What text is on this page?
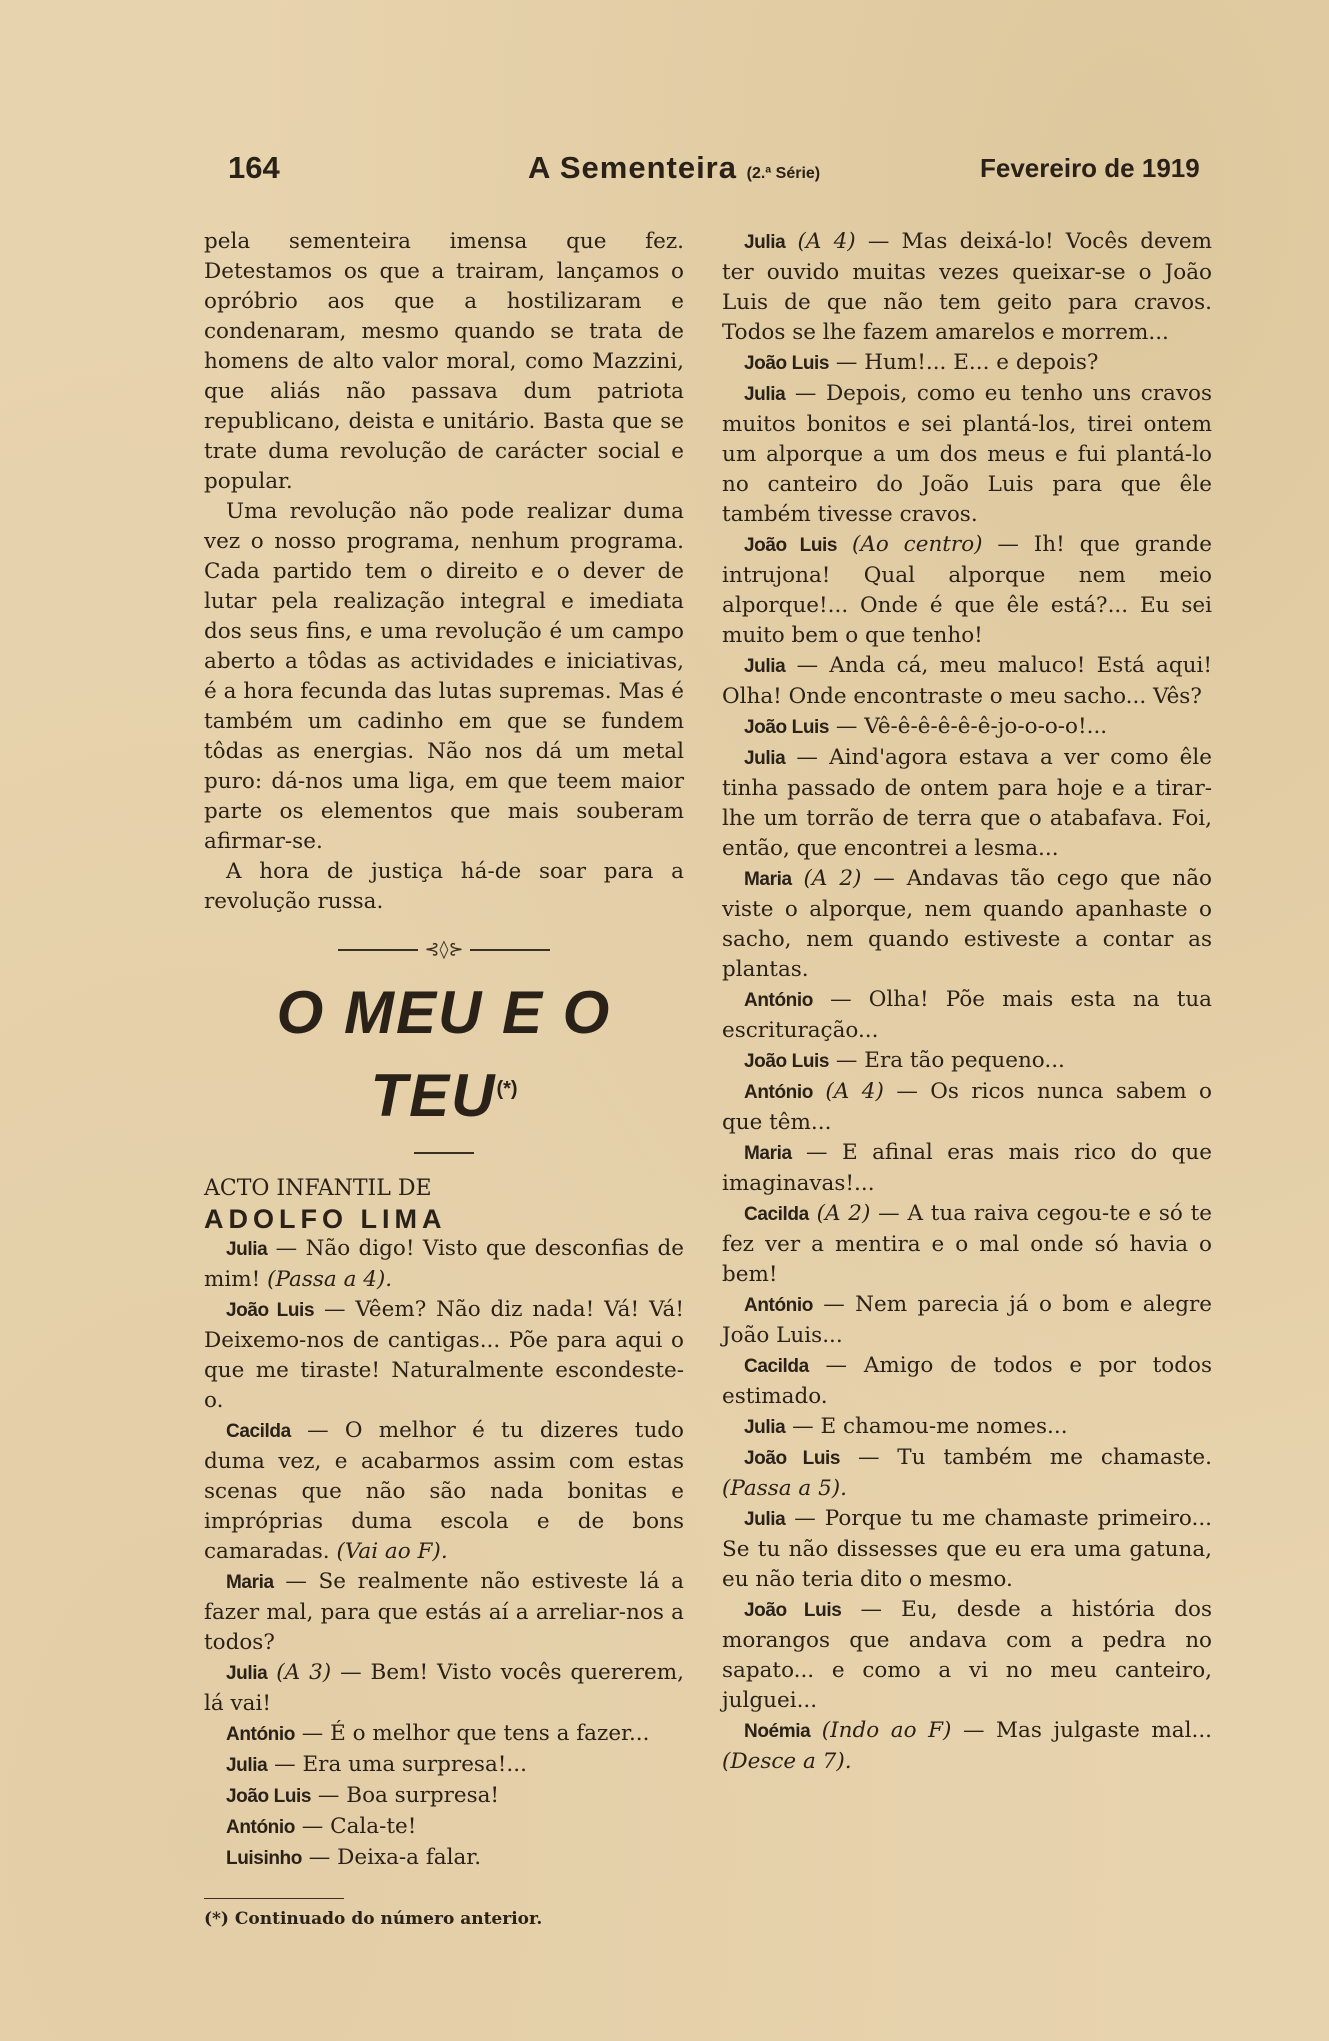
164	A Sementeira (2.ª Série)	Fevereiro de 1919

pela sementeira imensa que fez. Detestamos os que a trairam, lançamos o opróbrio aos que a hostilizaram e condenaram, mesmo quando se trata de homens de alto valor moral, como Mazzini, que aliás não passava dum patriota republicano, deista e unitário. Basta que se trate duma revolução de carácter social e popular.

Uma revolução não pode realizar duma vez o nosso programa, nenhum programa. Cada partido tem o direito e o dever de lutar pela realização integral e imediata dos seus fins, e uma revolução é um campo aberto a tôdas as actividades e iniciativas, é a hora fecunda das lutas supremas. Mas é também um cadinho em que se fundem tôdas as energias. Não nos dá um metal puro: dá-nos uma liga, em que teem maior parte os elementos que mais souberam afirmar-se.

A hora de justiça há-de soar para a revolução russa.

⊰◊⊱
O MEU E O TEU(*)

ACTO INFANTIL DE

ADOLFO LIMA

Julia — Não digo! Visto que desconfias de mim! (Passa a 4).

João Luis — Vêem? Não diz nada! Vá! Vá! Deixemo-nos de cantigas... Põe para aqui o que me tiraste! Naturalmente escondeste-o.

Cacilda — O melhor é tu dizeres tudo duma vez, e acabarmos assim com estas scenas que não são nada bonitas e impróprias duma escola e de bons camaradas. (Vai ao F).

Maria — Se realmente não estiveste lá a fazer mal, para que estás aí a arreliar-nos a todos?

Julia (A 3) — Bem! Visto vocês quererem, lá vai!

António — É o melhor que tens a fazer...

Julia — Era uma surpresa!...

João Luis — Boa surpresa!

António — Cala-te!

Luisinho — Deixa-a falar.

(*) Continuado do número anterior.

Julia (A 4) — Mas deixá-lo! Vocês devem ter ouvido muitas vezes queixar-se o João Luis de que não tem geito para cravos. Todos se lhe fazem amarelos e morrem...

João Luis — Hum!... E... e depois?

Julia — Depois, como eu tenho uns cravos muitos bonitos e sei plantá-los, tirei ontem um alporque a um dos meus e fui plantá-lo no canteiro do João Luis para que êle também tivesse cravos.

João Luis (Ao centro) — Ih! que grande intrujona! Qual alporque nem meio alporque!... Onde é que êle está?... Eu sei muito bem o que tenho!

Julia — Anda cá, meu maluco! Está aqui! Olha! Onde encontraste o meu sacho... Vês?

João Luis — Vê-ê-ê-ê-ê-ê-jo-o-o-o!...

Julia — Aind'agora estava a ver como êle tinha passado de ontem para hoje e a tirar-lhe um torrão de terra que o atabafava. Foi, então, que encontrei a lesma...

Maria (A 2) — Andavas tão cego que não viste o alporque, nem quando apanhaste o sacho, nem quando estiveste a contar as plantas.

António — Olha! Põe mais esta na tua escrituração...

João Luis — Era tão pequeno...

António (A 4) — Os ricos nunca sabem o que têm...

Maria — E afinal eras mais rico do que imaginavas!...

Cacilda (A 2) — A tua raiva cegou-te e só te fez ver a mentira e o mal onde só havia o bem!

António — Nem parecia já o bom e alegre João Luis...

Cacilda — Amigo de todos e por todos estimado.

Julia — E chamou-me nomes...

João Luis — Tu também me chamaste. (Passa a 5).

Julia — Porque tu me chamaste primeiro... Se tu não dissesses que eu era uma gatuna, eu não teria dito o mesmo.

João Luis — Eu, desde a história dos morangos que andava com a pedra no sapato... e como a vi no meu canteiro, julguei...

Noémia (Indo ao F) — Mas julgaste mal... (Desce a 7).
